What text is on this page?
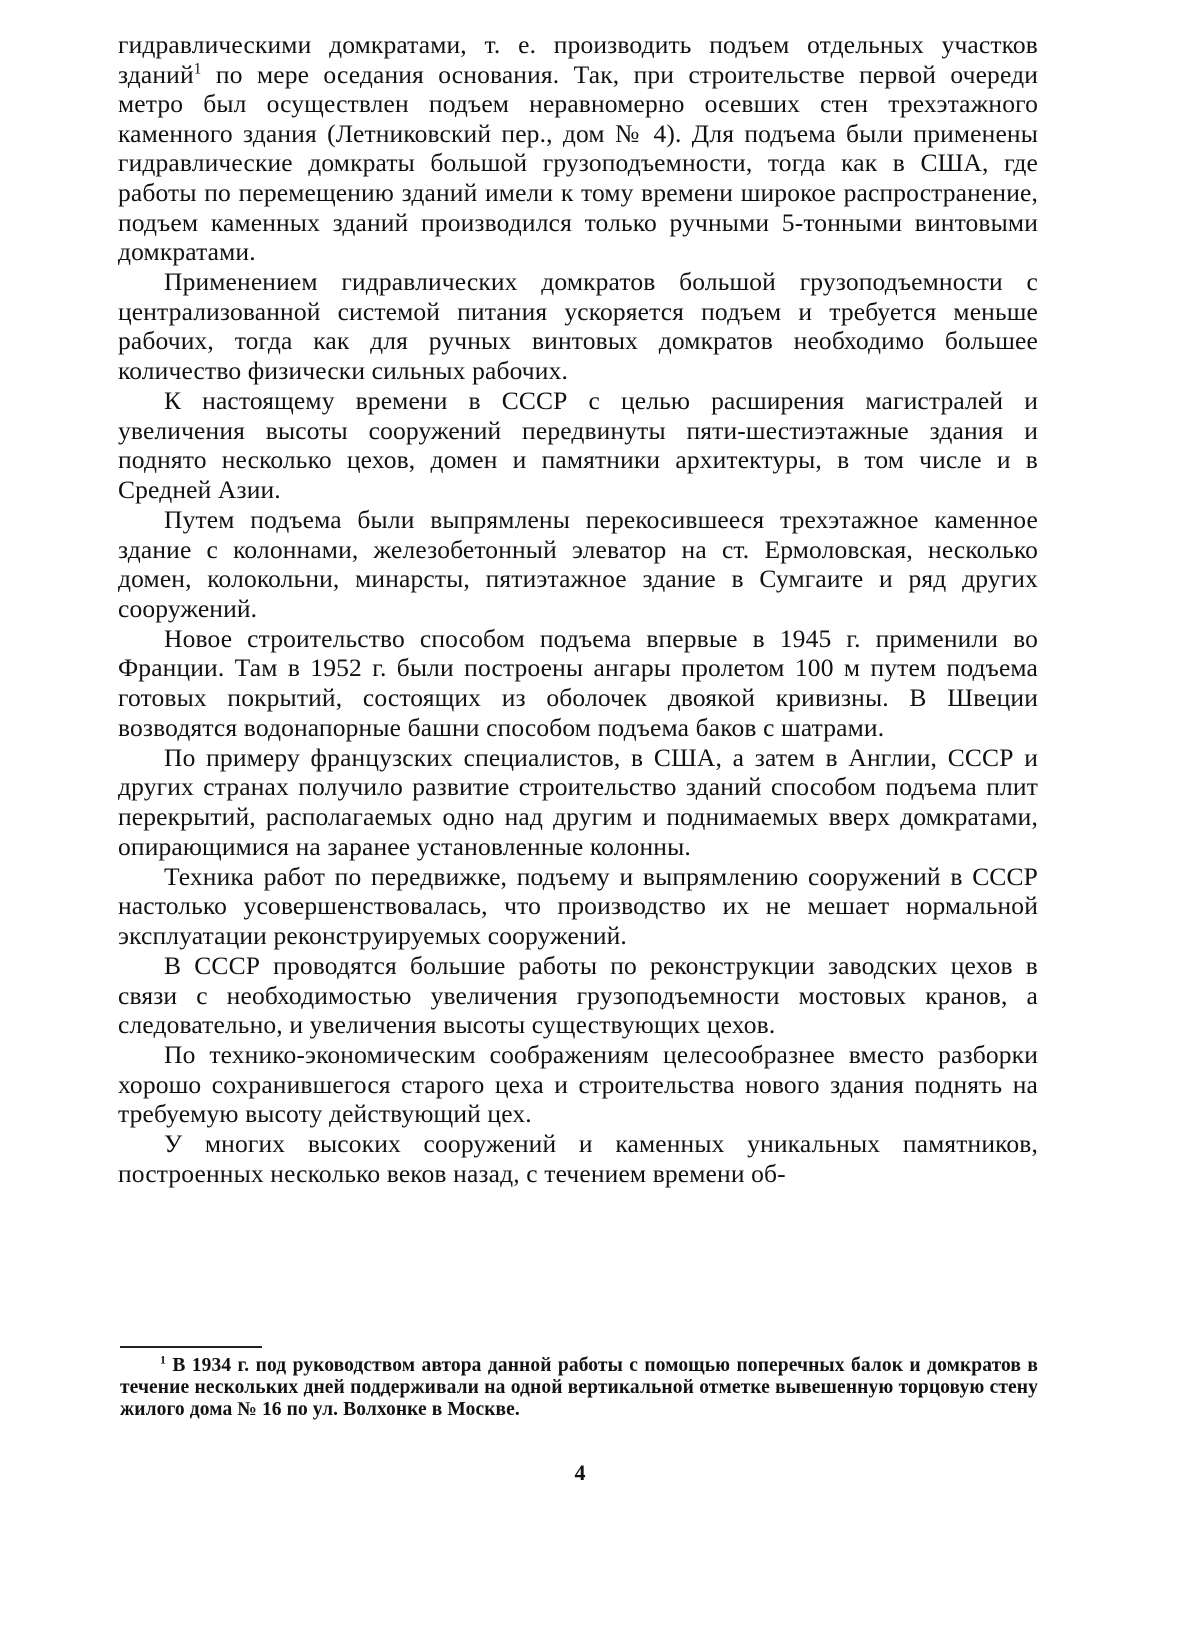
гидравлическими домкратами, т. е. производить подъем отдельных участков зданий$^1$ по мере оседания основания. Так, при строительстве первой очереди метро был осуществлен подъем неравномерно осевших стен трехэтажного каменного здания (Летниковский пер., дом № 4). Для подъема были применены гидравлические домкраты большой грузоподъемности, тогда как в США, где работы по перемещению зданий имели к тому времени широкое распространение, подъем каменных зданий производился только ручными 5-тонными винтовыми домкратами.

Применением гидравлических домкратов большой грузоподъемности с централизованной системой питания ускоряется подъем и требуется меньше рабочих, тогда как для ручных винтовых домкратов необходимо большее количество физически сильных рабочих.

К настоящему времени в СССР с целью расширения магистралей и увеличения высоты сооружений передвинуты пяти-шестиэтажные здания и поднято несколько цехов, домен и памятники архитектуры, в том числе и в Средней Азии.

Путем подъема были выпрямлены перекосившееся трехэтажное каменное здание с колоннами, железобетонный элеватор на ст. Ермоловская, несколько домен, колокольни, минарсты, пятиэтажное здание в Сумгаите и ряд других сооружений.

Новое строительство способом подъема впервые в 1945 г. применили во Франции. Там в 1952 г. были построены ангары пролетом 100 м путем подъема готовых покрытий, состоящих из оболочек двоякой кривизны. В Швеции возводятся водонапорные башни способом подъема баков с шатрами.

По примеру французских специалистов, в США, а затем в Англии, СССР и других странах получило развитие строительство зданий способом подъема плит перекрытий, располагаемых одно над другим и поднимаемых вверх домкратами, опирающимися на заранее установленные колонны.

Техника работ по передвижке, подъему и выпрямлению сооружений в СССР настолько усовершенствовалась, что производство их не мешает нормальной эксплуатации реконструируемых сооружений.

В СССР проводятся большие работы по реконструкции заводских цехов в связи с необходимостью увеличения грузоподъемности мостовых кранов, а следовательно, и увеличения высоты существующих цехов.

По технико-экономическим соображениям целесообразнее вместо разборки хорошо сохранившегося старого цеха и строительства нового здания поднять на требуемую высоту действующий цех.

У многих высоких сооружений и каменных уникальных памятников, построенных несколько веков назад, с течением времени об-

$^1$ В 1934 г. под руководством автора данной работы с помощью поперечных балок и домкратов в течение нескольких дней поддерживали на одной вертикальной отметке вывешенную торцовую стену жилого дома № 16 по ул. Волхонке в Москве.
4
